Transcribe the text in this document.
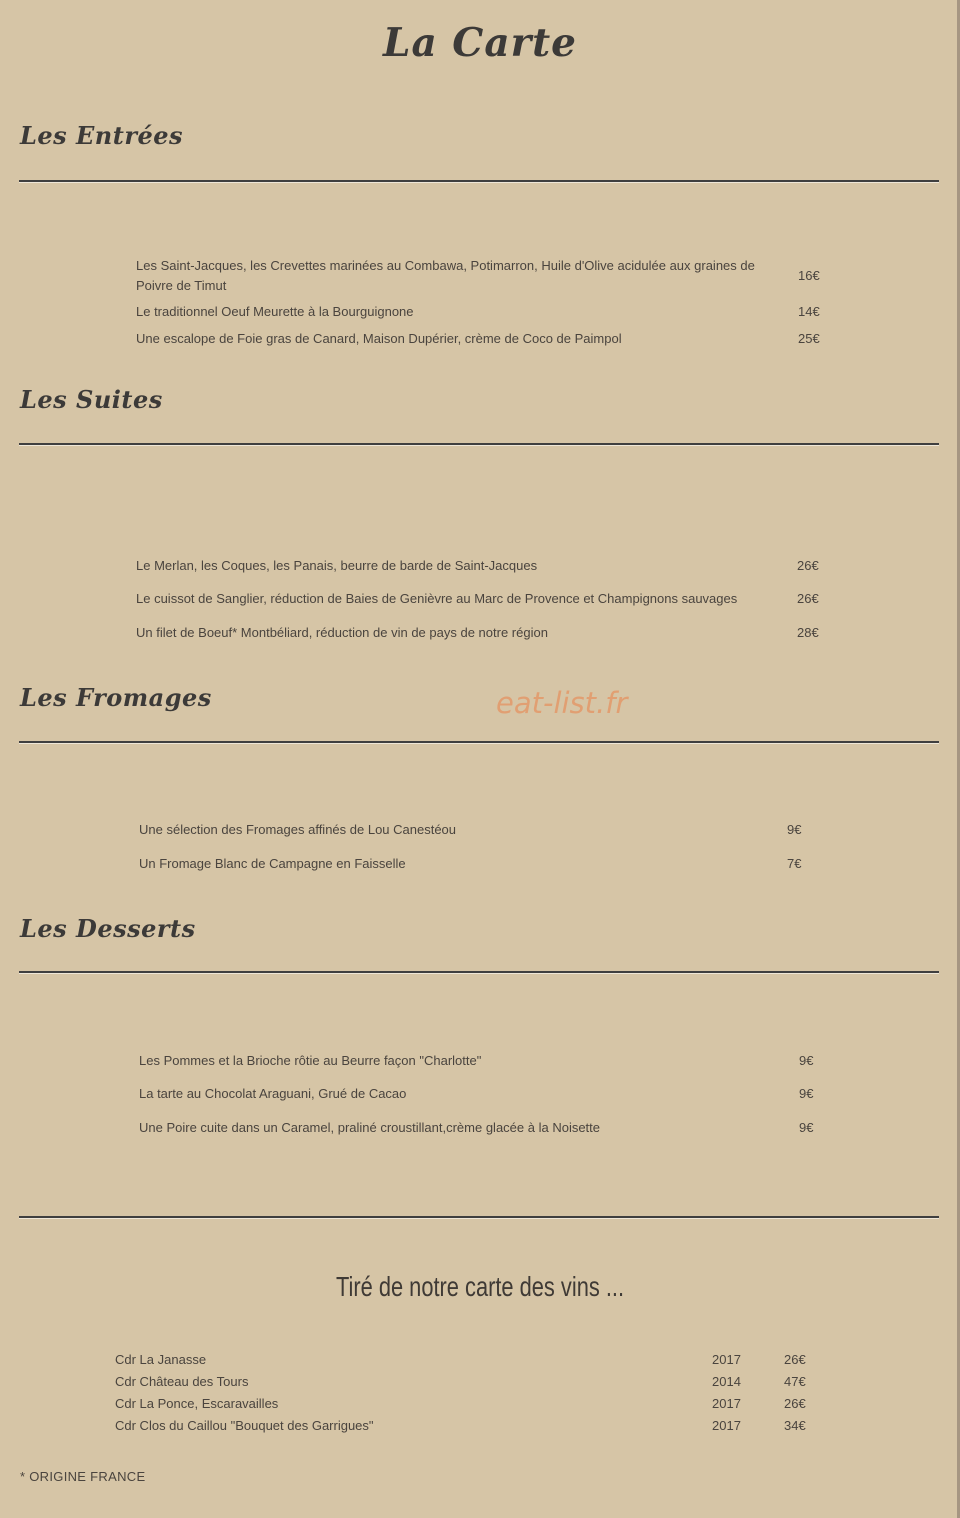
La Carte
Les Entrées
Les Saint-Jacques, les Crevettes marinées au Combawa, Potimarron, Huile d'Olive acidulée aux graines de
Poivre de Timut
16€
Le traditionnel Oeuf Meurette à la Bourguignone	14€
Une escalope de Foie gras de Canard, Maison Dupérier, crème de Coco de Paimpol	25€
Les Suites
Le Merlan, les Coques, les Panais, beurre de barde de Saint-Jacques	26€
Le cuissot de Sanglier, réduction de Baies de Genièvre au Marc de Provence et Champignons sauvages	26€
Un filet de Boeuf* Montbéliard, réduction de vin de pays de notre région	28€
Les Fromages	eat-list.fr
Une sélection des Fromages affinés de Lou Canestéou	9€
Un Fromage Blanc de Campagne en Faisselle	7€
Les Desserts
Les Pommes et la Brioche rôtie au Beurre façon "Charlotte"	9€
La tarte au Chocolat Araguani, Grué de Cacao	9€
Une Poire cuite dans un Caramel, praliné croustillant,crème glacée à la Noisette	9€
Tiré de notre carte des vins ...
Cdr La Janasse	2017	26€
Cdr Château des Tours	2014	47€
Cdr La Ponce, Escaravailles	2017	26€
Cdr Clos du Caillou "Bouquet des Garrigues"	2017	34€
* ORIGINE FRANCE
